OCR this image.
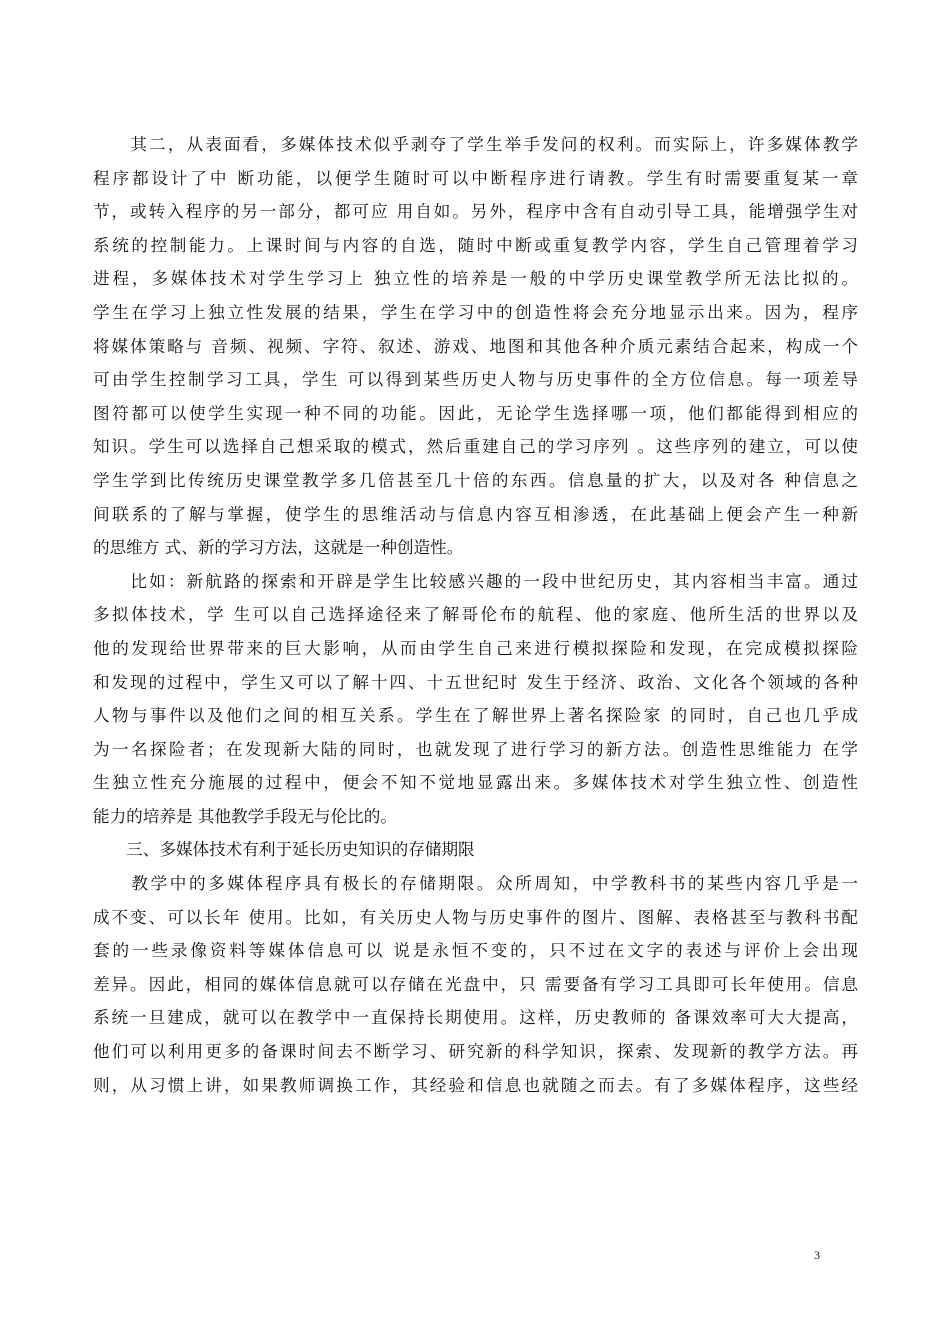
　　其二，从表面看，多媒体技术似乎剥夺了学生举手发问的权利。而实际上，许多媒体教学
程序都设计了中 断功能，以便学生随时可以中断程序进行请教。学生有时需要重复某一章
节，或转入程序的另一部分，都可应 用自如。另外，程序中含有自动引导工具，能增强学生对
系统的控制能力。上课时间与内容的自选，随时中断或重复教学内容，学生自己管理着学习
进程，多媒体技术对学生学习上 独立性的培养是一般的中学历史课堂教学所无法比拟的。
学生在学习上独立性发展的结果，学生在学习中的创造性将会充分地显示出来。因为，程序
将媒体策略与 音频、视频、字符、叙述、游戏、地图和其他各种介质元素结合起来，构成一个
可由学生控制学习工具，学生 可以得到某些历史人物与历史事件的全方位信息。每一项差导
图符都可以使学生实现一种不同的功能。因此，无论学生选择哪一项，他们都能得到相应的
知识。学生可以选择自己想采取的模式，然后重建自己的学习序列 。这些序列的建立，可以使
学生学到比传统历史课堂教学多几倍甚至几十倍的东西。信息量的扩大，以及对各 种信息之
间联系的了解与掌握，使学生的思维活动与信息内容互相渗透，在此基础上便会产生一种新
的思维方 式、新的学习方法，这就是一种创造性。
　　比如：新航路的探索和开辟是学生比较感兴趣的一段中世纪历史，其内容相当丰富。通过
多拟体技术，学 生可以自己选择途径来了解哥伦布的航程、他的家庭、他所生活的世界以及
他的发现给世界带来的巨大影响，从而由学生自己来进行模拟探险和发现，在完成模拟探险
和发现的过程中，学生又可以了解十四、十五世纪时 发生于经济、政治、文化各个领域的各种
人物与事件以及他们之间的相互关系。学生在了解世界上著名探险家 的同时，自己也几乎成
为一名探险者；在发现新大陆的同时，也就发现了进行学习的新方法。创造性思维能力 在学
生独立性充分施展的过程中，便会不知不觉地显露出来。多媒体技术对学生独立性、创造性
能力的培养是 其他教学手段无与伦比的。
　　三、多媒体技术有利于延长历史知识的存储期限
　　教学中的多媒体程序具有极长的存储期限。众所周知，中学教科书的某些内容几乎是一
成不变、可以长年 使用。比如，有关历史人物与历史事件的图片、图解、表格甚至与教科书配
套的一些录像资料等媒体信息可以 说是永恒不变的，只不过在文字的表述与评价上会出现
差异。因此，相同的媒体信息就可以存储在光盘中，只 需要备有学习工具即可长年使用。信息
系统一旦建成，就可以在教学中一直保持长期使用。这样，历史教师的 备课效率可大大提高，
他们可以利用更多的备课时间去不断学习、研究新的科学知识，探索、发现新的教学方法。再
则，从习惯上讲，如果教师调换工作，其经验和信息也就随之而去。有了多媒体程序，这些经
3
